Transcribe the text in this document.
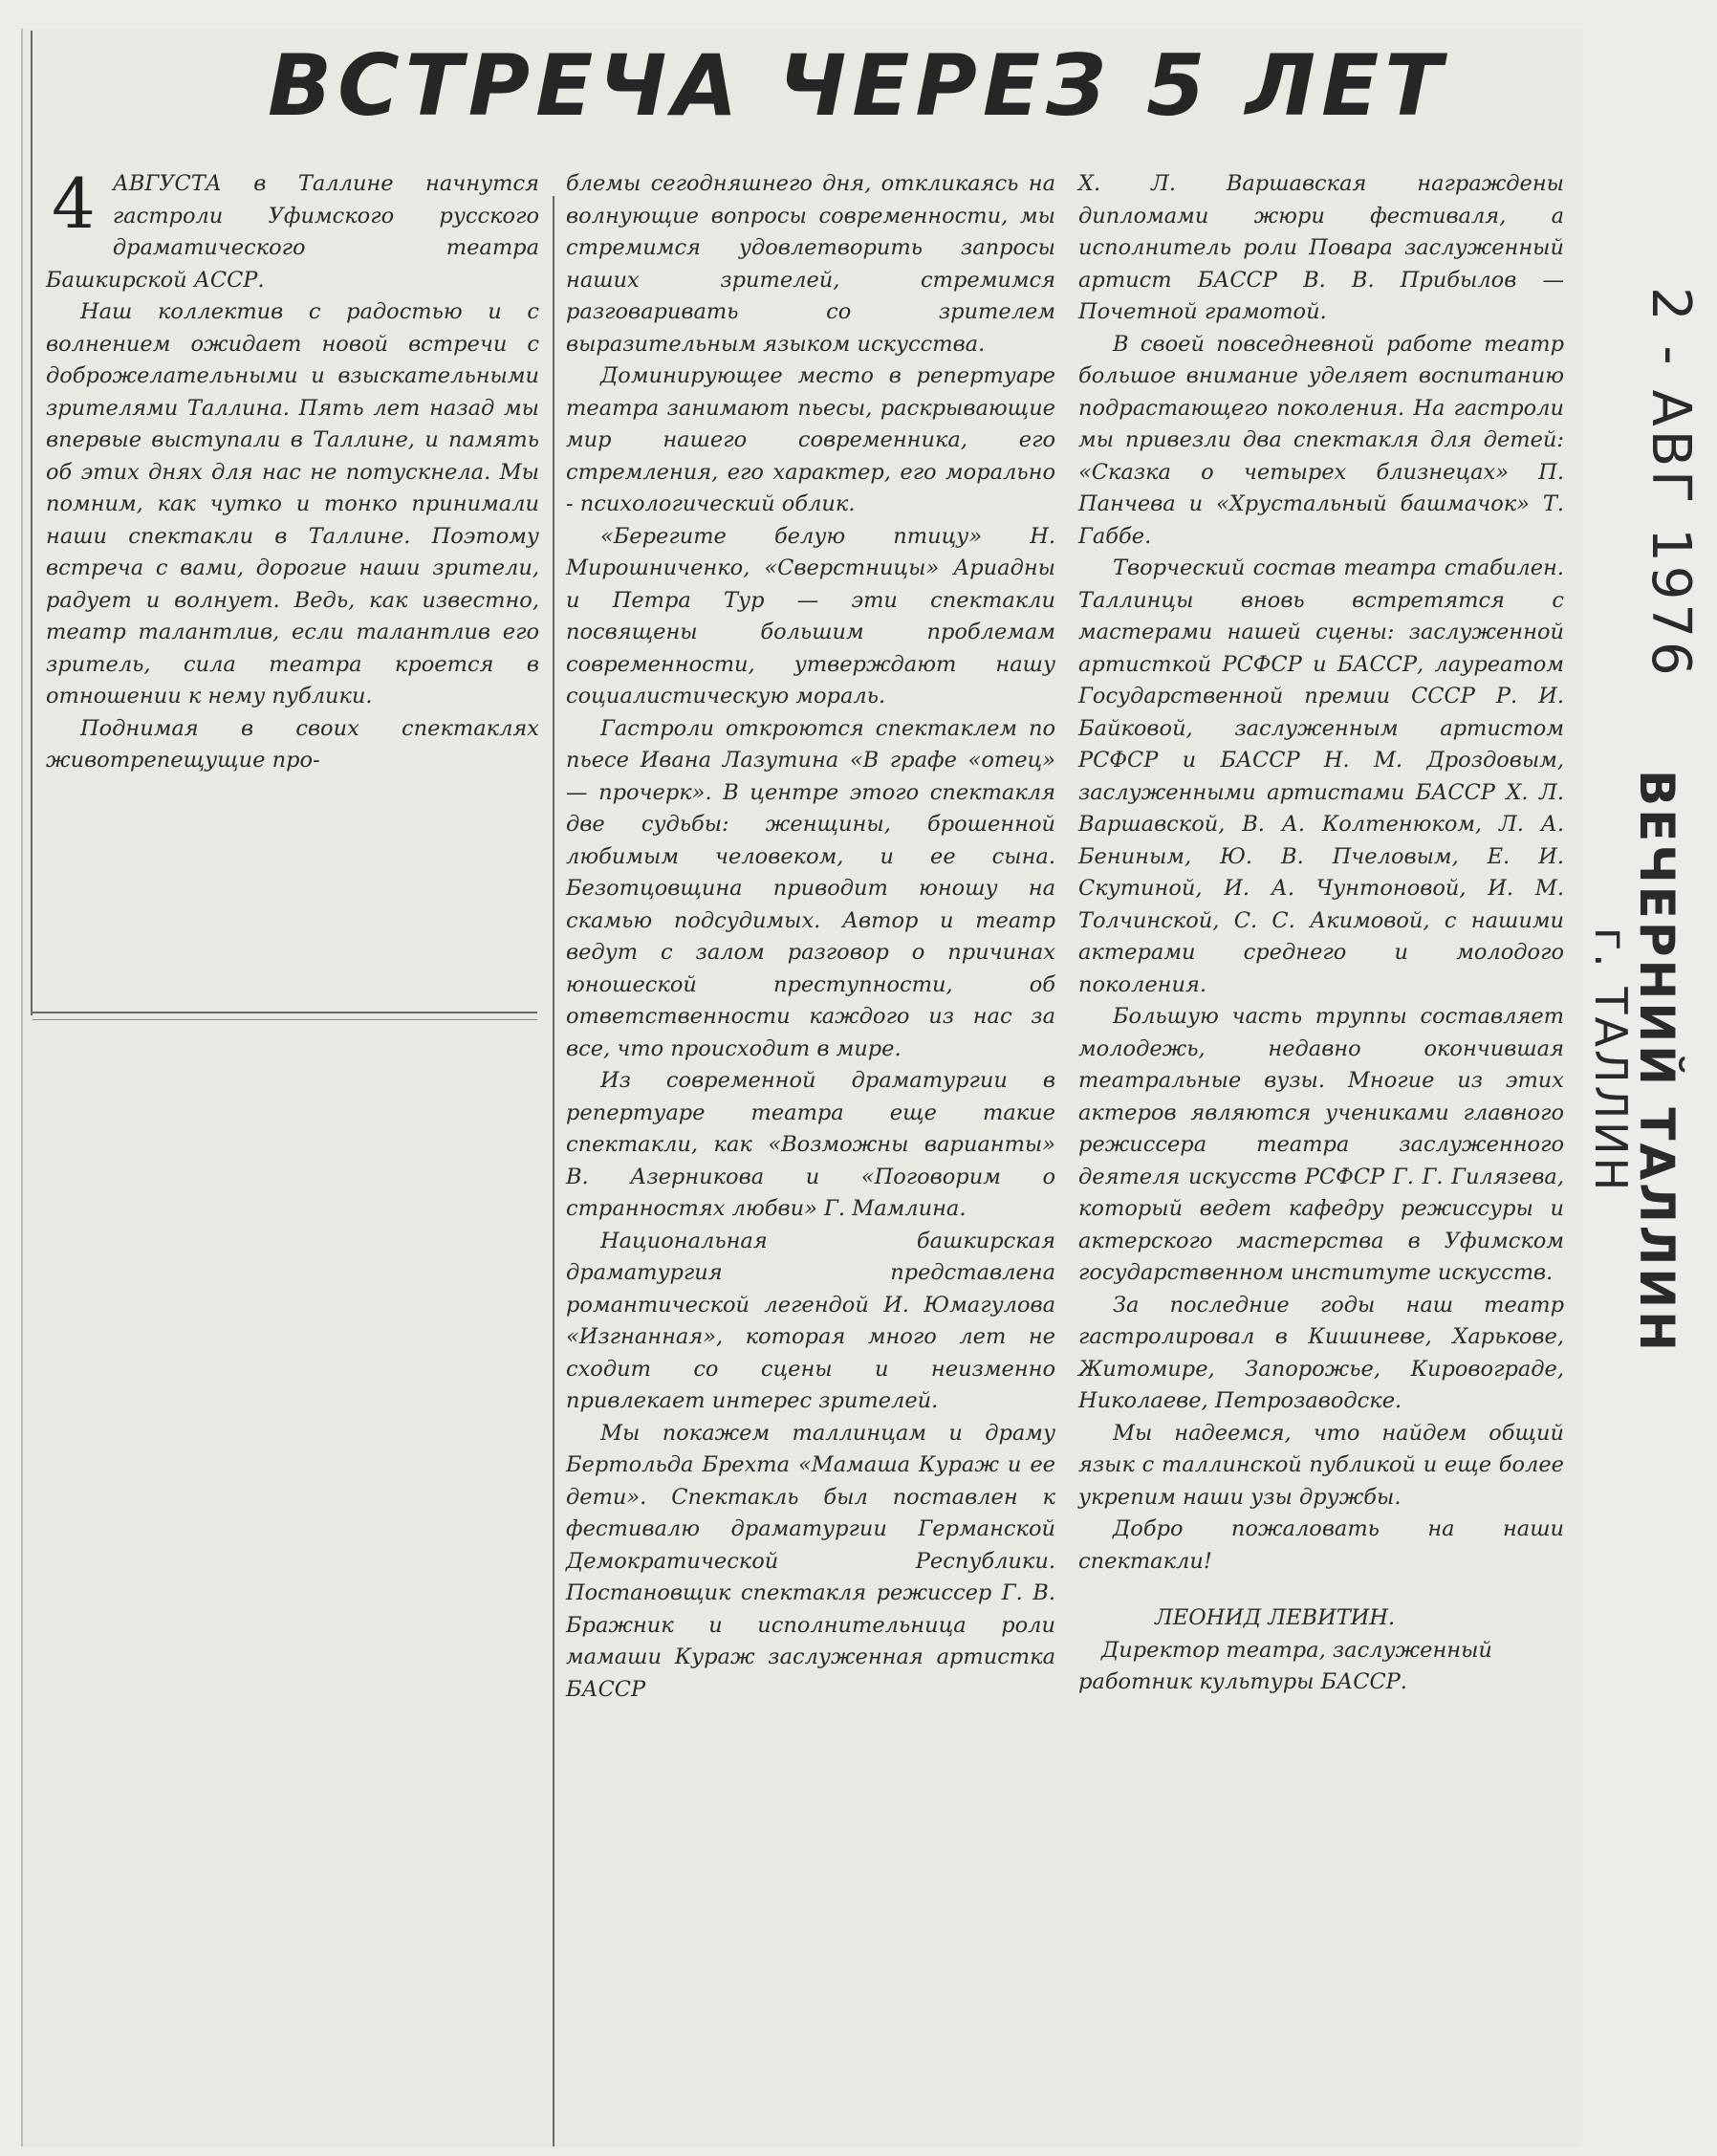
ВСТРЕЧА ЧЕРЕЗ 5 ЛЕТ

4 АВГУСТА в Таллине начнутся гастроли Уфимского русского драматического театра Башкирской АССР.

Наш коллектив с радостью и с волнением ожидает новой встречи с доброжелательными и взыскательными зрителями Таллина. Пять лет назад мы впервые выступали в Таллине, и память об этих днях для нас не потускнела. Мы помним, как чутко и тонко принимали наши спектакли в Таллине. Поэтому встреча с вами, дорогие наши зрители, радует и волнует. Ведь, как известно, театр талантлив, если талантлив его зритель, сила театра кроется в отношении к нему публики.

Поднимая в своих спектаклях животрепещущие про-

блемы сегодняшнего дня, откликаясь на волнующие вопросы современности, мы стремимся удовлетворить запросы наших зрителей, стремимся разговаривать со зрителем выразительным языком искусства.

Доминирующее место в репертуаре театра занимают пьесы, раскрывающие мир нашего современника, его стремления, его характер, его морально - психологический облик.

«Берегите белую птицу» Н. Мирошниченко, «Сверстницы» Ариадны и Петра Тур — эти спектакли посвящены большим проблемам современности, утверждают нашу социалистическую мораль.

Гастроли откроются спектаклем по пьесе Ивана Лазутина «В графе «отец» — прочерк». В центре этого спектакля две судьбы: женщины, брошенной любимым человеком, и ее сына. Безотцовщина приводит юношу на скамью подсудимых. Автор и театр ведут с залом разговор о причинах юношеской преступности, об ответственности каждого из нас за все, что происходит в мире.

Из современной драматургии в репертуаре театра еще такие спектакли, как «Возможны варианты» В. Азерникова и «Поговорим о странностях любви» Г. Мамлина.

Национальная башкирская драматургия представлена романтической легендой И. Юмагулова «Изгнанная», которая много лет не сходит со сцены и неизменно привлекает интерес зрителей.

Мы покажем таллинцам и драму Бертольда Брехта «Мамаша Кураж и ее дети». Спектакль был поставлен к фестивалю драматургии Германской Демократической Республики. Постановщик спектакля режиссер Г. В. Бражник и исполнительница роли мамаши Кураж заслуженная артистка БАССР

Х. Л. Варшавская награждены дипломами жюри фестиваля, а исполнитель роли Повара заслуженный артист БАССР В. В. Прибылов — Почетной грамотой.

В своей повседневной работе театр большое внимание уделяет воспитанию подрастающего поколения. На гастроли мы привезли два спектакля для детей: «Сказка о четырех близнецах» П. Панчева и «Хрустальный башмачок» Т. Габбе.

Творческий состав театра стабилен. Таллинцы вновь встретятся с мастерами нашей сцены: заслуженной артисткой РСФСР и БАССР, лауреатом Государственной премии СССР Р. И. Байковой, заслуженным артистом РСФСР и БАССР Н. М. Дроздовым, заслуженными артистами БАССР Х. Л. Варшавской, В. А. Колтенюком, Л. А. Бениным, Ю. В. Пчеловым, Е. И. Скутиной, И. А. Чунтоновой, И. М. Толчинской, С. С. Акимовой, с нашими актерами среднего и молодого поколения.

Большую часть труппы составляет молодежь, недавно окончившая театральные вузы. Многие из этих актеров являются учениками главного режиссера театра заслуженного деятеля искусств РСФСР Г. Г. Гилязева, который ведет кафедру режиссуры и актерского мастерства в Уфимском государственном институте искусств.

За последние годы наш театр гастролировал в Кишиневе, Харькове, Житомире, Запорожье, Кировограде, Николаеве, Петрозаводске.

Мы надеемся, что найдем общий язык с таллинской публикой и еще более укрепим наши узы дружбы.

Добро пожаловать на наши спектакли!

ЛЕОНИД ЛЕВИТИН.

Директор театра, заслуженный работник культуры БАССР.

2 - АВГ 1976
ВЕЧЕРНИЙ ТАЛЛИН
г. ТАЛЛИН
